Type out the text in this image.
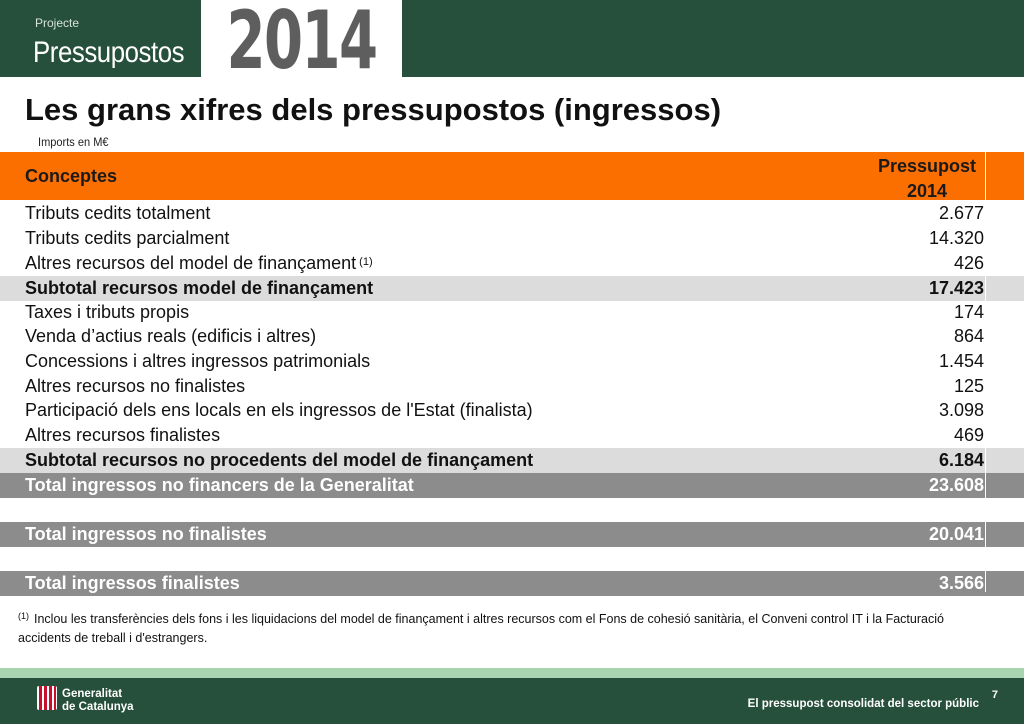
Projecte
Pressupostos 2014
Les grans xifres dels pressupostos (ingressos)
Imports en M€
Conceptes	Pressupost
2014
Tributs cedits totalment	2.677
Tributs cedits parcialment	14.320
Altres recursos del model de finançament $^{(1)}$	426
Subtotal recursos model de finançament	17.423
Taxes i tributs propis	174
Venda d’actius reals (edificis i altres)	864
Concessions i altres ingressos patrimonials	1.454
Altres recursos no finalistes	125
Participació dels ens locals en els ingressos de l'Estat (finalista)	3.098
Altres recursos finalistes	469
Subtotal recursos no procedents del model de finançament	6.184
Total ingressos no financers de la Generalitat	23.608
Total ingressos no finalistes	20.041
Total ingressos finalistes	3.566
$^{(1)}$ Inclou les transferències dels fons i les liquidacions del model de finançament i altres recursos com el Fons de cohesió sanitària, el Conveni control IT i la Facturació accidents de treball i d'estrangers.
Generalitat
de Catalunya
7
El pressupost consolidat del sector públic
